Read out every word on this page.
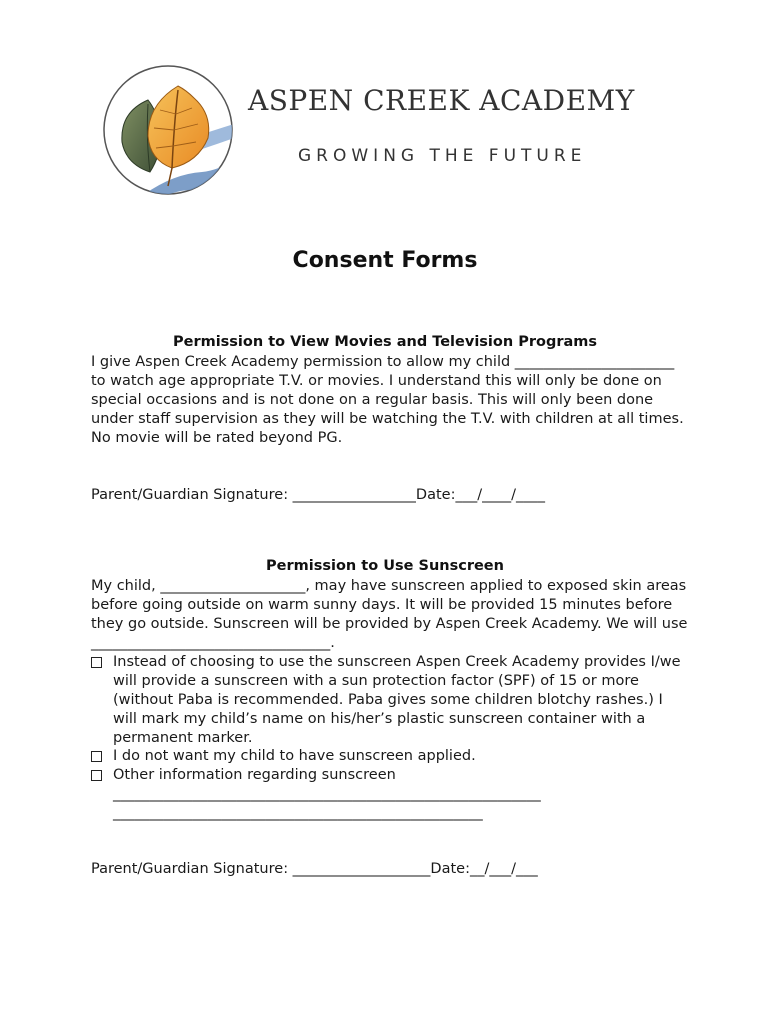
ASPEN CREEK ACADEMY
GROWING THE FUTURE
Consent Forms
Permission to View Movies and Television Programs
I give Aspen Creek Academy permission to allow my child ______________________ to watch age appropriate T.V. or movies. I understand this will only be done on special occasions and is not done on a regular basis. This will only been done under staff supervision as they will be watching the T.V. with children at all times. No movie will be rated beyond PG.
Parent/Guardian Signature: _________________Date:___/____/____
Permission to Use Sunscreen
My child, ____________________, may have sunscreen applied to exposed skin areas before going outside on warm sunny days. It will be provided 15 minutes before they go outside. Sunscreen will be provided by Aspen Creek Academy. We will use _________________________________.
Instead of choosing to use the sunscreen Aspen Creek Academy provides I/we will provide a sunscreen with a sun protection factor (SPF) of 15 or more (without Paba is recommended. Paba gives some children blotchy rashes.) I will mark my child’s name on his/her’s plastic sunscreen container with a permanent marker.
I do not want my child to have sunscreen applied.
Other information regarding sunscreen
___________________________________________________________
___________________________________________________
Parent/Guardian Signature: ___________________Date:__/___/___
